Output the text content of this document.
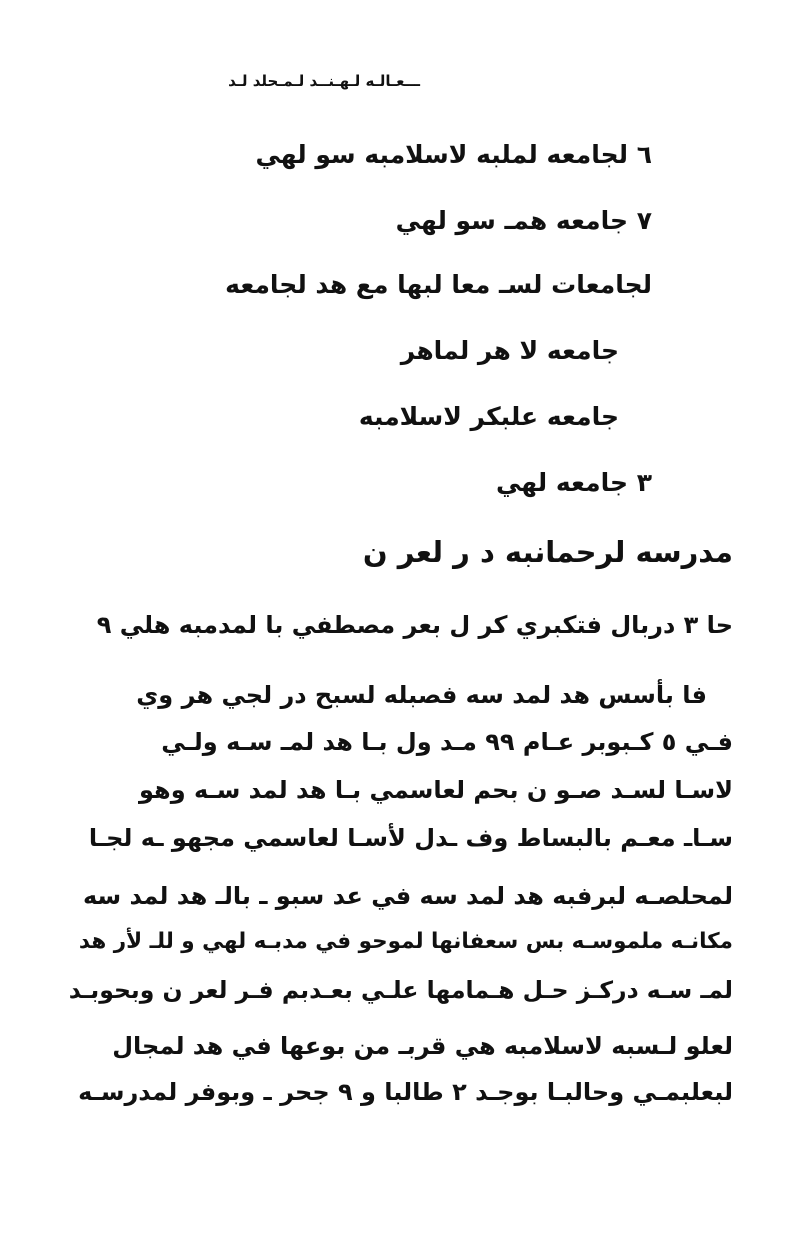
ـــعـالـه لـهـنــد لـمـحلد لـد
٦ لجامعه لملبه لاسلامبه سو لهي
٧ جامعه همـ سو لهي
لجامعات لسـ معا لبها مع هد لجامعه
جامعه لا هر لماهر
جامعه علبكر لاسلامبه
٣ جامعه لهي
مدرسه لرحمانبه د ر لعر ن
حا ٣ دربال فتكبري كر ل بعر مصطفي با لمدمبه هلي ٩
فا بأسس هد لمد سه فصبله لسبح در لجي هر وي
فـي ٥ كـبوبر عـام ٩٩ مـد ول بـا هد لمـ سـه ولـي
لاسـا لسـد صـو ن بحم لعاسمي بـا هد لمد سـه وهو
سـاـ معـم بالبساط وف ـدل لأسـا لعاسمي مجهو ـه لجـا
لمحلصـه لبرفبه هد لمد سه في عد سبو ـ بالـ هد لمد سه
مكانـه ملموسـه بس سعفانها لموحو في مدبـه لهي و للـ لأر هد
لمـ سـه دركـز حـل هـمامها علـي بعـدبم فـر لعر ن وبحوبـد
لعلو لـسبه لاسلامبه هي قربـ من بوعها في هد لمجال
لبعلبمـي وحالبـا بوجـد ٢ طالبا و ٩ جحر ـ وبوفر لمدرسـه
